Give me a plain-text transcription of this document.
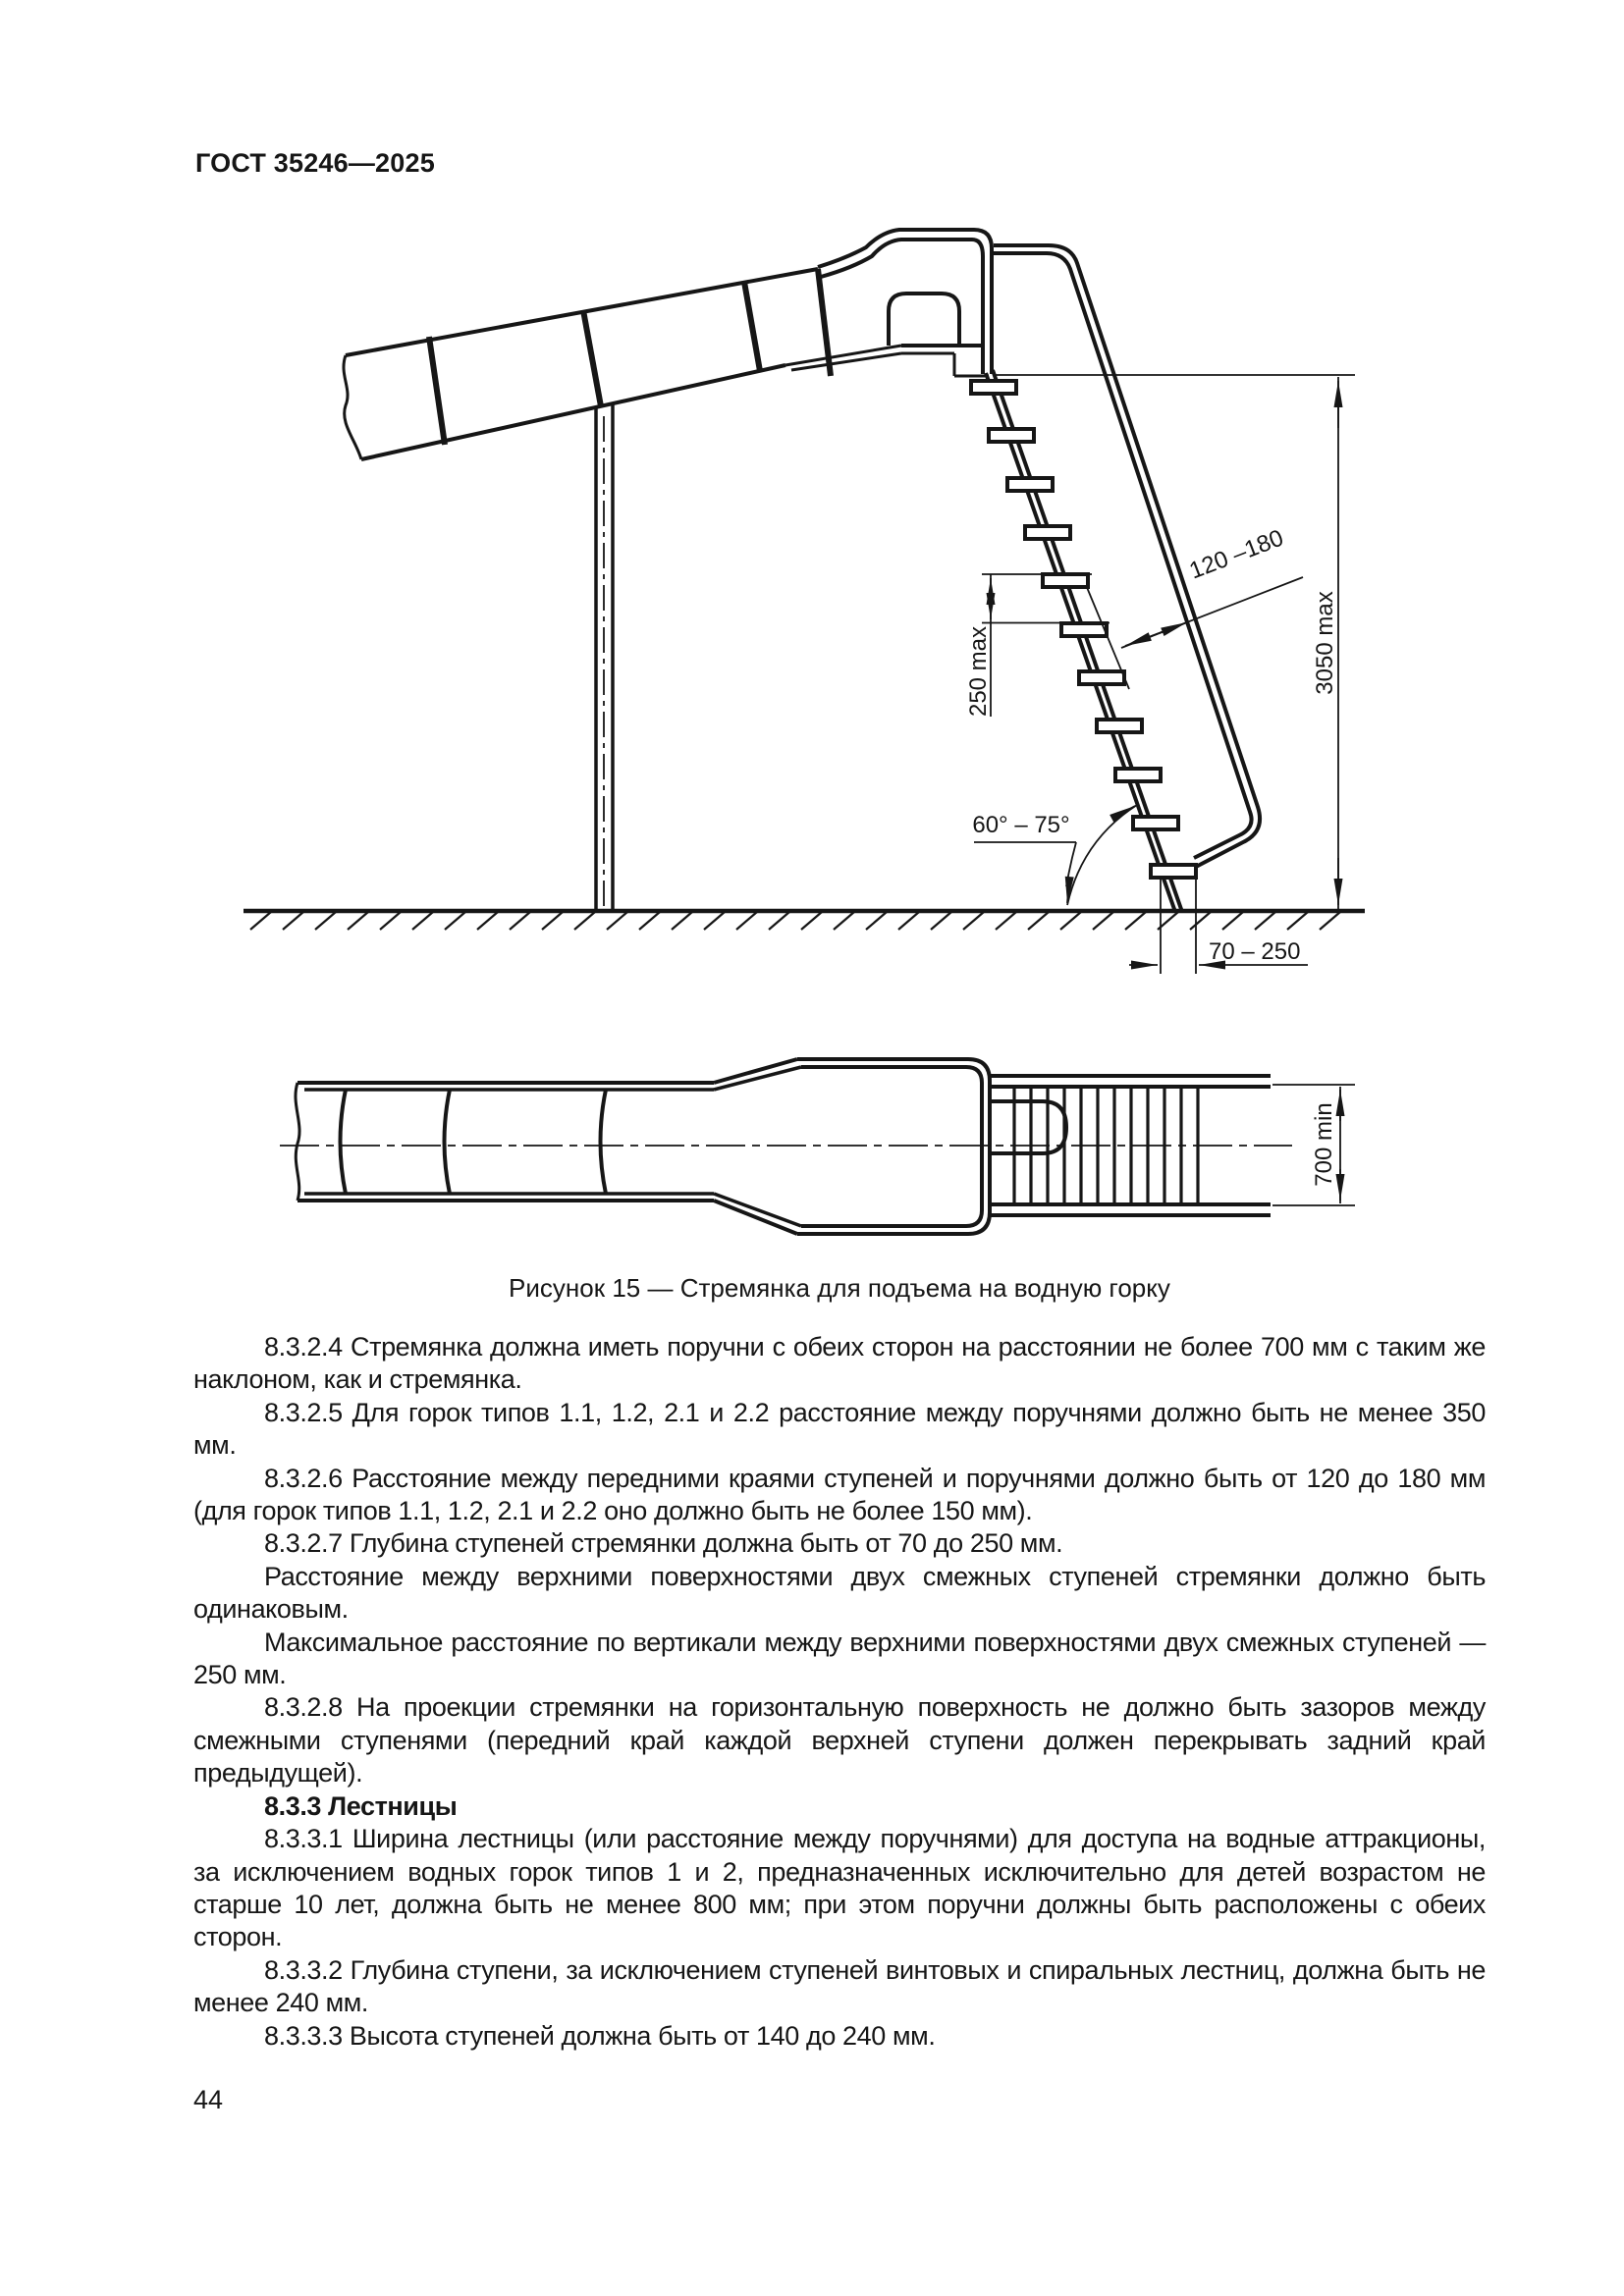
ГОСТ 35246—2025
3050 max
250 max
120 –180
60° – 75°
70 – 250
700 min
Рисунок 15 — Стремянка для подъема на водную горку

8.3.2.4 Стремянка должна иметь поручни с обеих сторон на расстоянии не более 700 мм с таким же наклоном, как и стремянка.

8.3.2.5 Для горок типов 1.1, 1.2, 2.1 и 2.2 расстояние между поручнями должно быть не менее 350 мм.

8.3.2.6 Расстояние между передними краями ступеней и поручнями должно быть от 120 до 180 мм (для горок типов 1.1, 1.2, 2.1 и 2.2 оно должно быть не более 150 мм).

8.3.2.7 Глубина ступеней стремянки должна быть от 70 до 250 мм.

Расстояние между верхними поверхностями двух смежных ступеней стремянки должно быть одинаковым.

Максимальное расстояние по вертикали между верхними поверхностями двух смежных ступеней — 250 мм.

8.3.2.8 На проекции стремянки на горизонтальную поверхность не должно быть зазоров между смежными ступенями (передний край каждой верхней ступени должен перекрывать задний край предыдущей).

8.3.3 Лестницы

8.3.3.1 Ширина лестницы (или расстояние между поручнями) для доступа на водные аттракционы, за исключением водных горок типов 1 и 2, предназначенных исключительно для детей возрастом не старше 10 лет, должна быть не менее 800 мм; при этом поручни должны быть расположены с обеих сторон.

8.3.3.2 Глубина ступени, за исключением ступеней винтовых и спиральных лестниц, должна быть не менее 240 мм.

8.3.3.3 Высота ступеней должна быть от 140 до 240 мм.

44
